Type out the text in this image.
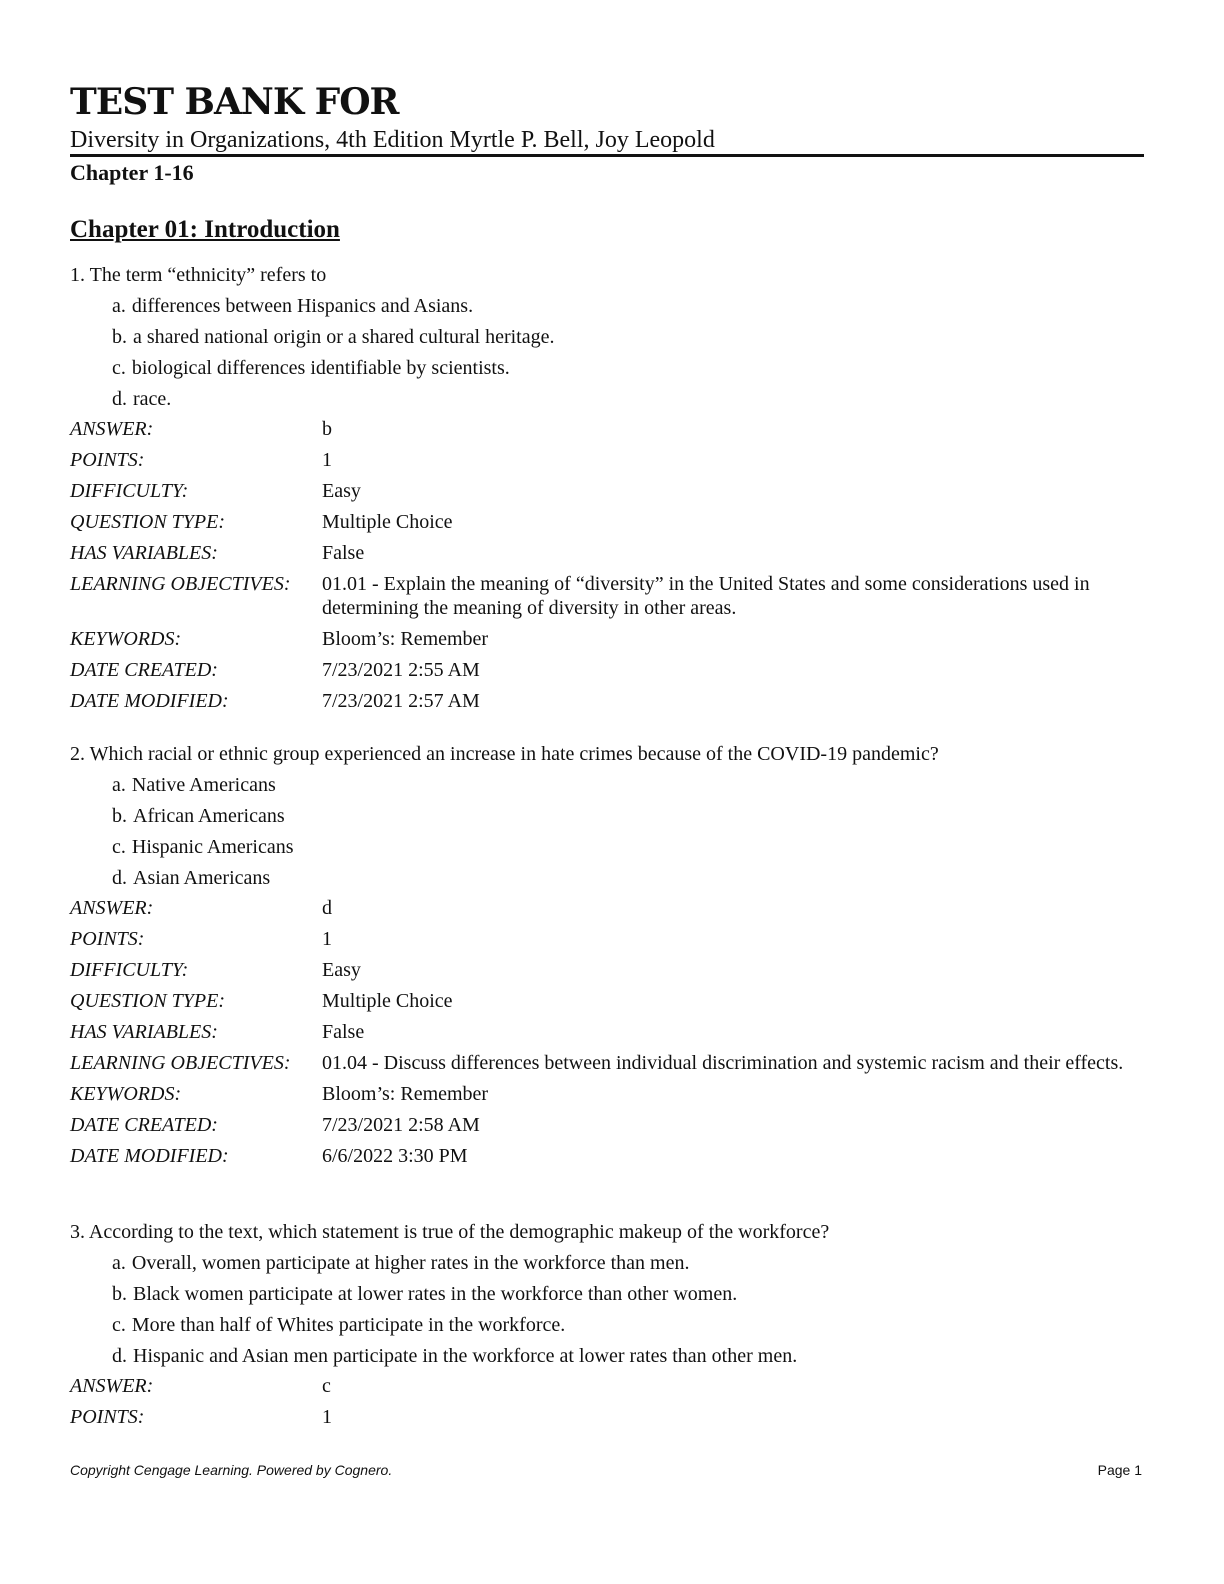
TEST BANK FOR
Diversity in Organizations, 4th Edition Myrtle P. Bell, Joy Leopold
Chapter 1-16
Chapter 01: Introduction
1. The term “ethnicity” refers to
a. differences between Hispanics and Asians.
b. a shared national origin or a shared cultural heritage.
c. biological differences identifiable by scientists.
d. race.
ANSWER:	b
POINTS:	1
DIFFICULTY:	Easy
QUESTION TYPE:	Multiple Choice
HAS VARIABLES:	False
LEARNING OBJECTIVES:	01.01 - Explain the meaning of “diversity” in the United States and some considerations used in determining the meaning of diversity in other areas.
KEYWORDS:	Bloom’s: Remember
DATE CREATED:	7/23/2021 2:55 AM
DATE MODIFIED:	7/23/2021 2:57 AM
2. Which racial or ethnic group experienced an increase in hate crimes because of the COVID-19 pandemic?
a. Native Americans
b. African Americans
c. Hispanic Americans
d. Asian Americans
ANSWER:	d
POINTS:	1
DIFFICULTY:	Easy
QUESTION TYPE:	Multiple Choice
HAS VARIABLES:	False
LEARNING OBJECTIVES:	01.04 - Discuss differences between individual discrimination and systemic racism and their effects.
KEYWORDS:	Bloom’s: Remember
DATE CREATED:	7/23/2021 2:58 AM
DATE MODIFIED:	6/6/2022 3:30 PM
3. According to the text, which statement is true of the demographic makeup of the workforce?
a. Overall, women participate at higher rates in the workforce than men.
b. Black women participate at lower rates in the workforce than other women.
c. More than half of Whites participate in the workforce.
d. Hispanic and Asian men participate in the workforce at lower rates than other men.
ANSWER:	c
POINTS:	1
Copyright Cengage Learning. Powered by Cognero.	Page 1
